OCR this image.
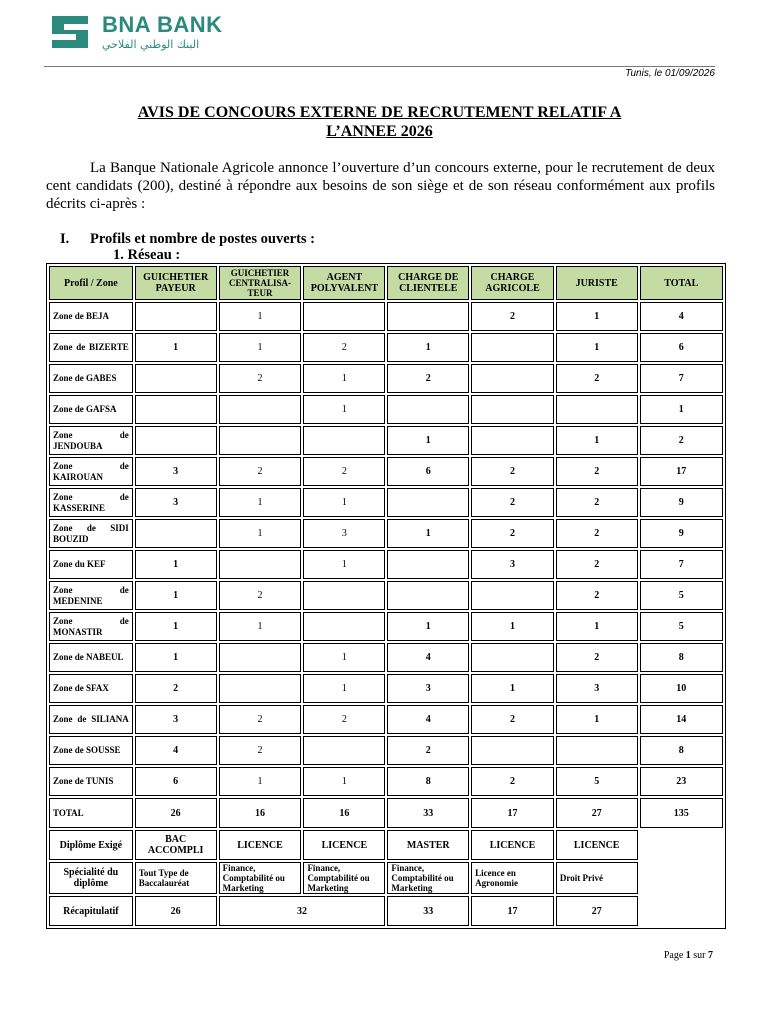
BNA BANK
البنك الوطني الفلاحي
Tunis, le 01/09/2026
AVIS DE CONCOURS EXTERNE DE RECRUTEMENT RELATIF A
L’ANNEE 2026
La Banque Nationale Agricole annonce l’ouverture d’un concours externe, pour le recrutement de deux cent candidats (200), destiné à répondre aux besoins de son siège et de son réseau conformément aux profils décrits ci-après :
I. Profils et nombre de postes ouverts :
1. Réseau :
Profil / Zone	GUICHETIER PAYEUR	GUICHETIER CENTRALISA-TEUR	AGENT POLYVALENT	CHARGE DE CLIENTELE	CHARGE AGRICOLE	JURISTE	TOTAL
Zone de BEJA		1			2	1	4
Zone de BIZERTE	1	1	2	1		1	6
Zone de GABES		2	1	2		2	7
Zone de GAFSA			1				1
Zone de JENDOUBA				1		1	2
Zone de KAIROUAN	3	2	2	6	2	2	17
Zone de KASSERINE	3	1	1		2	2	9
Zone de SIDI BOUZID		1	3	1	2	2	9
Zone du KEF	1		1		3	2	7
Zone de MEDENINE	1	2				2	5
Zone de MONASTIR	1	1		1	1	1	5
Zone de NABEUL	1		1	4		2	8
Zone de SFAX	2		1	3	1	3	10
Zone de SILIANA	3	2	2	4	2	1	14
Zone de SOUSSE	4	2		2			8
Zone de TUNIS	6	1	1	8	2	5	23
TOTAL	26	16	16	33	17	27	135
Diplôme Exigé	BAC ACCOMPLI	LICENCE	LICENCE	MASTER	LICENCE	LICENCE	
Spécialité du diplôme	Tout Type de Baccalauréat	Finance, Comptabilité ou Marketing	Finance, Comptabilité ou Marketing	Finance, Comptabilité ou Marketing	Licence en Agronomie	Droit Privé	
Récapitulatif	26	32		33	17	27	
Page 1 sur 7
